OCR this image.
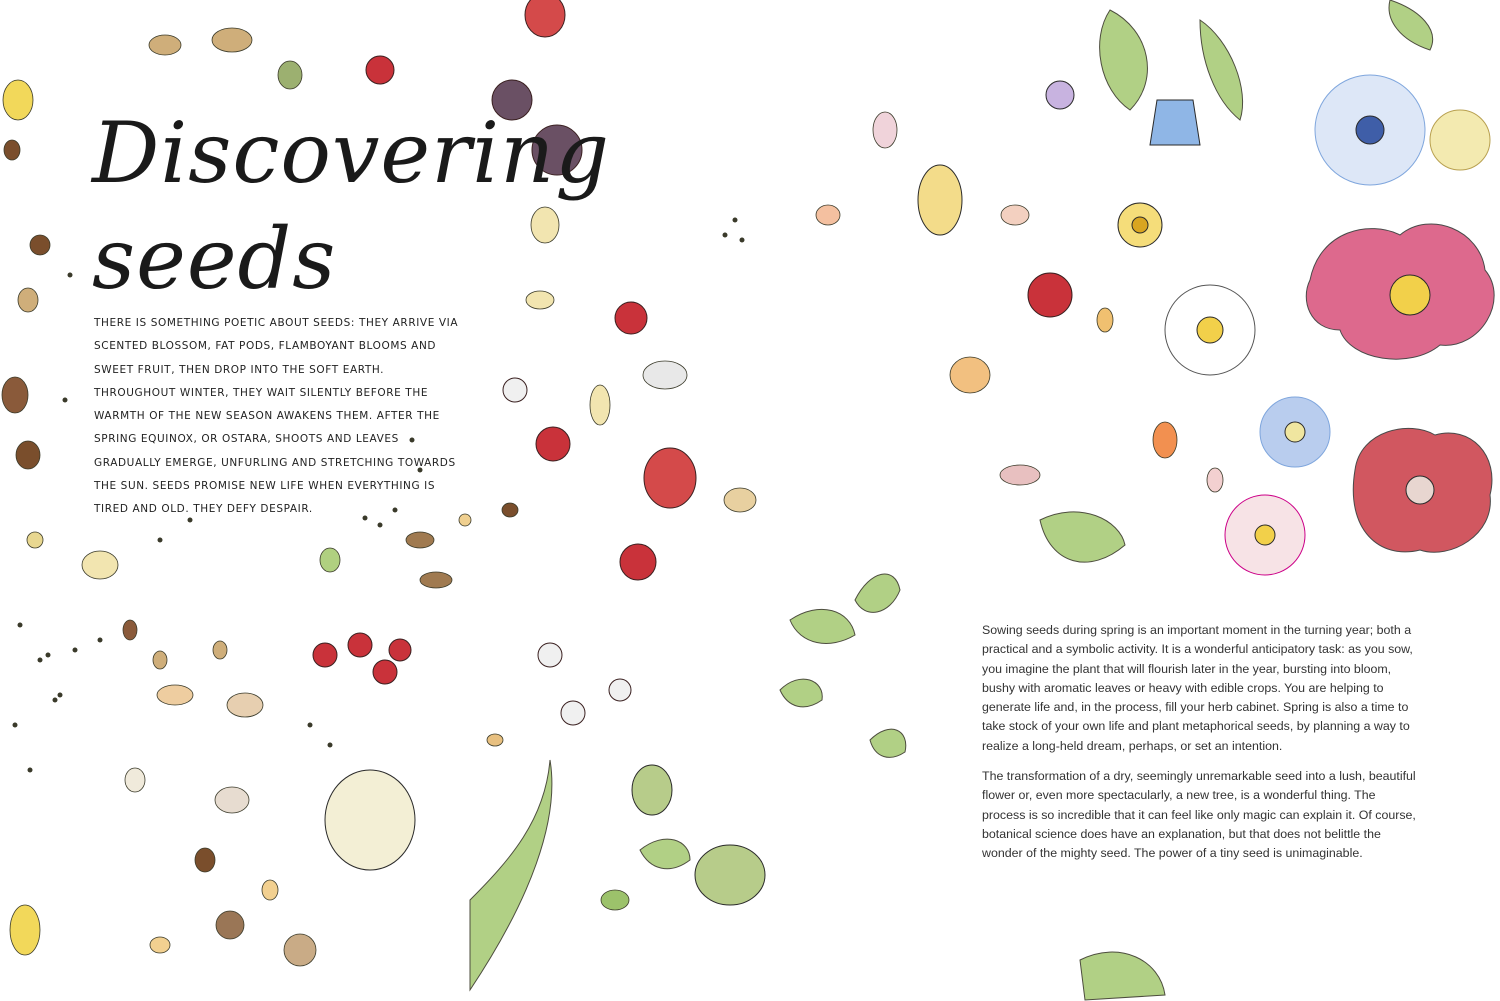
Discovering
seeds

THERE IS SOMETHING POETIC ABOUT SEEDS: THEY ARRIVE VIA SCENTED BLOSSOM, FAT PODS, FLAMBOYANT BLOOMS AND SWEET FRUIT, THEN DROP INTO THE SOFT EARTH. THROUGHOUT WINTER, THEY WAIT SILENTLY BEFORE THE WARMTH OF THE NEW SEASON AWAKENS THEM. AFTER THE SPRING EQUINOX, OR OSTARA, SHOOTS AND LEAVES GRADUALLY EMERGE, UNFURLING AND STRETCHING TOWARDS THE SUN. SEEDS PROMISE NEW LIFE WHEN EVERYTHING IS TIRED AND OLD. THEY DEFY DESPAIR.

Sowing seeds during spring is an important moment in the turning year; both a practical and a symbolic activity. It is a wonderful anticipatory task: as you sow, you imagine the plant that will flourish later in the year, bursting into bloom, bushy with aromatic leaves or heavy with edible crops. You are helping to generate life and, in the process, fill your herb cabinet. Spring is also a time to take stock of your own life and plant metaphorical seeds, by planning a way to realize a long-held dream, perhaps, or set an intention.

The transformation of a dry, seemingly unremarkable seed into a lush, beautiful flower or, even more spectacularly, a new tree, is a wonderful thing. The process is so incredible that it can feel like only magic can explain it. Of course, botanical science does have an explanation, but that does not belittle the wonder of the mighty seed. The power of a tiny seed is unimaginable.
